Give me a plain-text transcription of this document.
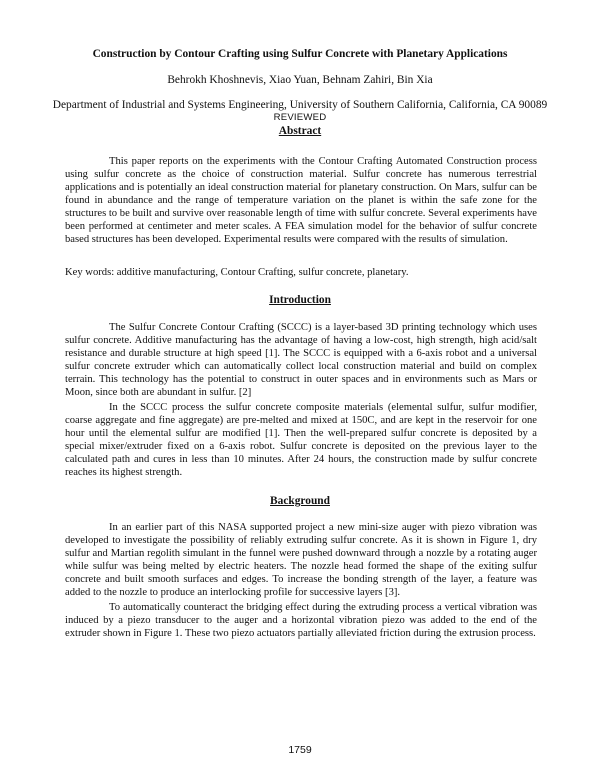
Construction by Contour Crafting using Sulfur Concrete with Planetary Applications
Behrokh Khoshnevis, Xiao Yuan, Behnam Zahiri, Bin Xia
Department of Industrial and Systems Engineering, University of Southern California, California, CA 90089
REVIEWED
Abstract
This paper reports on the experiments with the Contour Crafting Automated Construction process using sulfur concrete as the choice of construction material. Sulfur concrete has numerous terrestrial applications and is potentially an ideal construction material for planetary construction. On Mars, sulfur can be found in abundance and the range of temperature variation on the planet is within the safe zone for the structures to be built and survive over reasonable length of time with sulfur concrete. Several experiments have been performed at centimeter and meter scales. A FEA simulation model for the behavior of sulfur concrete based structures has been developed. Experimental results were compared with the results of simulation.
Key words: additive manufacturing, Contour Crafting, sulfur concrete, planetary.
Introduction
The Sulfur Concrete Contour Crafting (SCCC) is a layer-based 3D printing technology which uses sulfur concrete. Additive manufacturing has the advantage of having a low-cost, high strength, high acid/salt resistance and durable structure at high speed [1]. The SCCC is equipped with a 6-axis robot and a universal sulfur concrete extruder which can automatically collect local construction material and build on complex terrain. This technology has the potential to construct in outer spaces and in environments such as Mars or Moon, since both are abundant in sulfur. [2]
In the SCCC process the sulfur concrete composite materials (elemental sulfur, sulfur modifier, coarse aggregate and fine aggregate) are pre-melted and mixed at 150C, and are kept in the reservoir for one hour until the elemental sulfur are modified [1]. Then the well-prepared sulfur concrete is deposited by a special mixer/extruder fixed on a 6-axis robot. Sulfur concrete is deposited on the previous layer to the calculated path and cures in less than 10 minutes. After 24 hours, the construction made by sulfur concrete reaches its highest strength.
Background
In an earlier part of this NASA supported project a new mini-size auger with piezo vibration was developed to investigate the possibility of reliably extruding sulfur concrete. As it is shown in Figure 1, dry sulfur and Martian regolith simulant in the funnel were pushed downward through a nozzle by a rotating auger while sulfur was being melted by electric heaters. The nozzle head formed the shape of the exiting sulfur concrete and built smooth surfaces and edges. To increase the bonding strength of the layer, a feature was added to the nozzle to produce an interlocking profile for successive layers [3].
To automatically counteract the bridging effect during the extruding process a vertical vibration was induced by a piezo transducer to the auger and a horizontal vibration piezo was added to the end of the extruder shown in Figure 1. These two piezo actuators partially alleviated friction during the extrusion process.
1759
